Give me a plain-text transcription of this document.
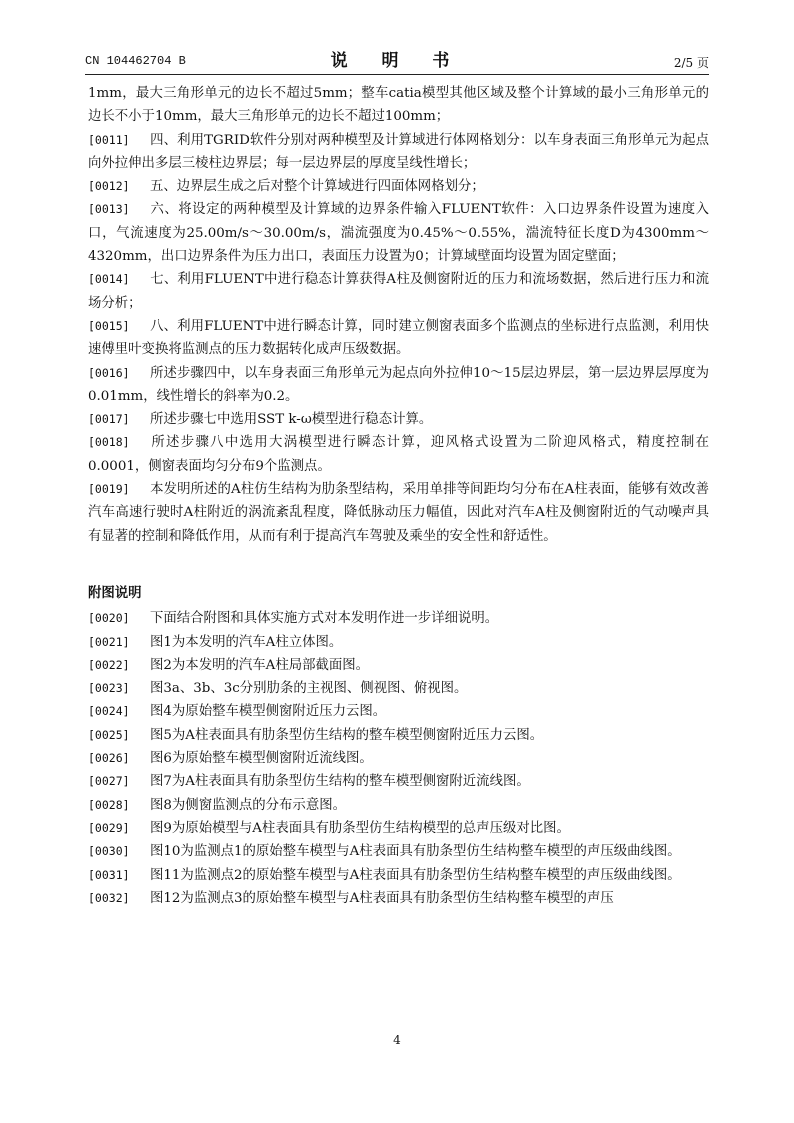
CN 104462704 B	说 明 书	2/5 页

1mm，最大三角形单元的边长不超过5mm；整车catia模型其他区域及整个计算域的最小三角形单元的边长不小于10mm，最大三角形单元的边长不超过100mm；

[0011] 四、利用TGRID软件分别对两种模型及计算域进行体网格划分：以车身表面三角形单元为起点向外拉伸出多层三棱柱边界层；每一层边界层的厚度呈线性增长；

[0012] 五、边界层生成之后对整个计算域进行四面体网格划分；

[0013] 六、将设定的两种模型及计算域的边界条件输入FLUENT软件：入口边界条件设置为速度入口，气流速度为25.00m/s～30.00m/s，湍流强度为0.45%～0.55%，湍流特征长度D为4300mm～4320mm，出口边界条件为压力出口，表面压力设置为0；计算域壁面均设置为固定壁面；

[0014] 七、利用FLUENT中进行稳态计算获得A柱及侧窗附近的压力和流场数据，然后进行压力和流场分析；

[0015] 八、利用FLUENT中进行瞬态计算，同时建立侧窗表面多个监测点的坐标进行点监测，利用快速傅里叶变换将监测点的压力数据转化成声压级数据。

[0016] 所述步骤四中，以车身表面三角形单元为起点向外拉伸10～15层边界层，第一层边界层厚度为0.01mm，线性增长的斜率为0.2。

[0017] 所述步骤七中选用SST k-ω模型进行稳态计算。

[0018] 所述步骤八中选用大涡模型进行瞬态计算，迎风格式设置为二阶迎风格式，精度控制在0.0001，侧窗表面均匀分布9个监测点。

[0019] 本发明所述的A柱仿生结构为肋条型结构，采用单排等间距均匀分布在A柱表面，能够有效改善汽车高速行驶时A柱附近的涡流紊乱程度，降低脉动压力幅值，因此对汽车A柱及侧窗附近的气动噪声具有显著的控制和降低作用，从而有利于提高汽车驾驶及乘坐的安全性和舒适性。

附图说明

[0020] 下面结合附图和具体实施方式对本发明作进一步详细说明。

[0021] 图1为本发明的汽车A柱立体图。

[0022] 图2为本发明的汽车A柱局部截面图。

[0023] 图3a、3b、3c分别肋条的主视图、侧视图、俯视图。

[0024] 图4为原始整车模型侧窗附近压力云图。

[0025] 图5为A柱表面具有肋条型仿生结构的整车模型侧窗附近压力云图。

[0026] 图6为原始整车模型侧窗附近流线图。

[0027] 图7为A柱表面具有肋条型仿生结构的整车模型侧窗附近流线图。

[0028] 图8为侧窗监测点的分布示意图。

[0029] 图9为原始模型与A柱表面具有肋条型仿生结构模型的总声压级对比图。

[0030] 图10为监测点1的原始整车模型与A柱表面具有肋条型仿生结构整车模型的声压级曲线图。

[0031] 图11为监测点2的原始整车模型与A柱表面具有肋条型仿生结构整车模型的声压级曲线图。

[0032] 图12为监测点3的原始整车模型与A柱表面具有肋条型仿生结构整车模型的声压

4
